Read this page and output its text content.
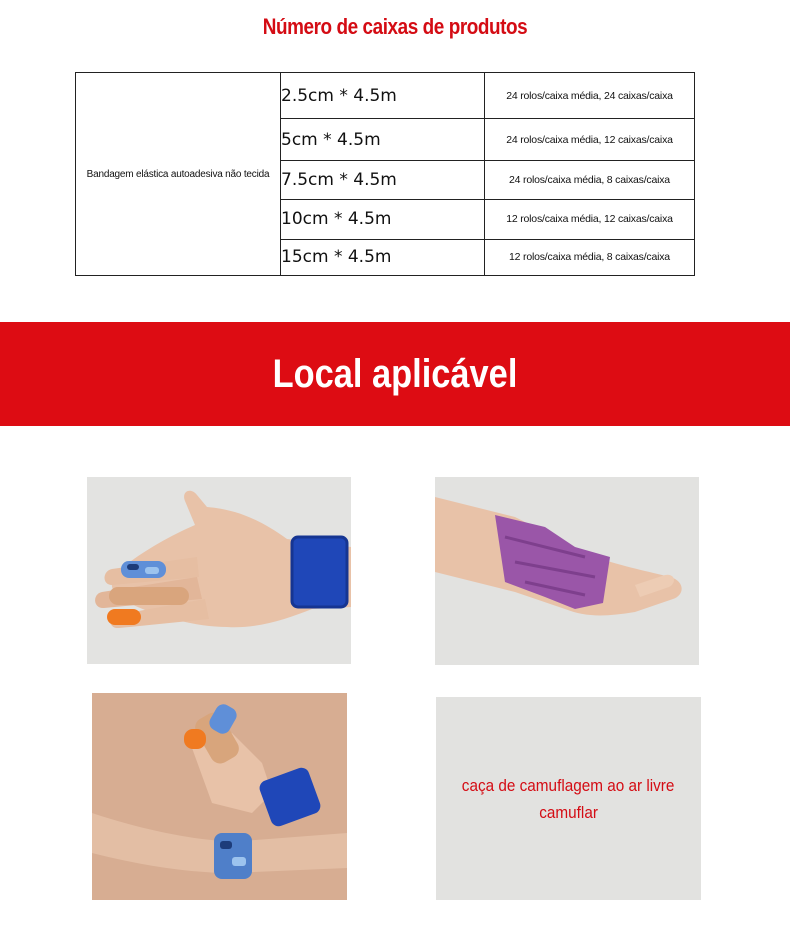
Número de caixas de produtos
Bandagem elástica autoadesiva não tecida	2.5cm * 4.5m	24 rolos/caixa média, 24 caixas/caixa
	5cm * 4.5m	24 rolos/caixa média, 12 caixas/caixa
	7.5cm * 4.5m	24 rolos/caixa média, 8 caixas/caixa
	10cm * 4.5m	12 rolos/caixa média, 12 caixas/caixa
	15cm * 4.5m	12 rolos/caixa média, 8 caixas/caixa
Local aplicável
caça de camuflagem ao ar livre
camuflar
